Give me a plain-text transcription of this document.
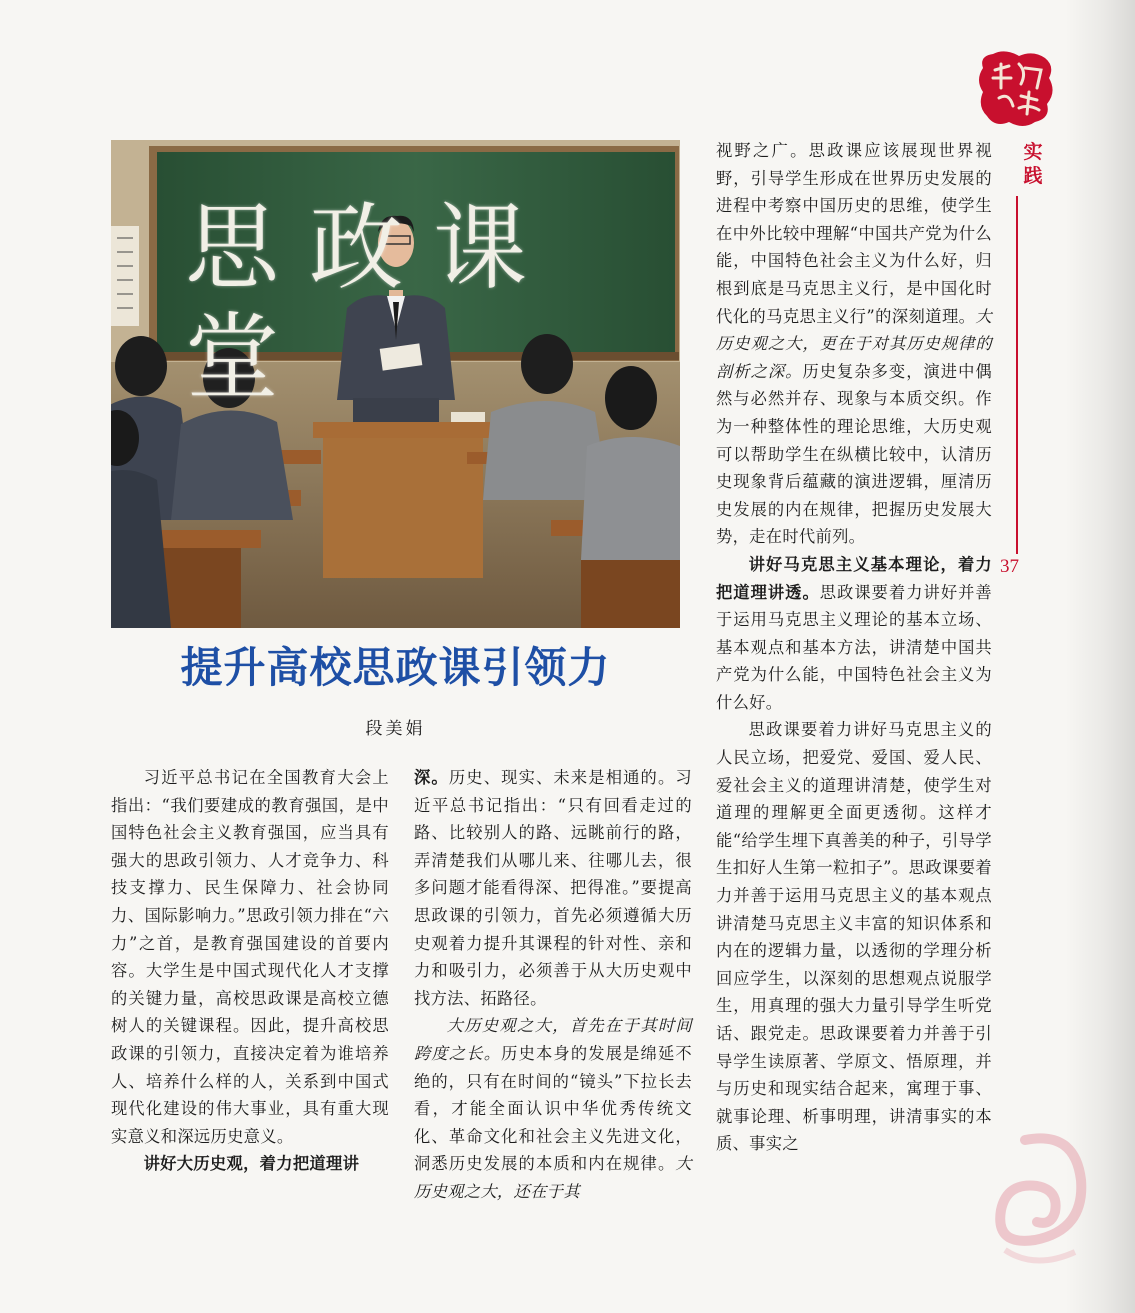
实践
37
思政课堂
提升高校思政课引领力
段美娟

习近平总书记在全国教育大会上指出：“我们要建成的教育强国，是中国特色社会主义教育强国，应当具有强大的思政引领力、人才竞争力、科技支撑力、民生保障力、社会协同力、国际影响力。”思政引领力排在“六力”之首，是教育强国建设的首要内容。大学生是中国式现代化人才支撑的关键力量，高校思政课是高校立德树人的关键课程。因此，提升高校思政课的引领力，直接决定着为谁培养人、培养什么样的人，关系到中国式现代化建设的伟大事业，具有重大现实意义和深远历史意义。

讲好大历史观，着力把道理讲

深。历史、现实、未来是相通的。习近平总书记指出：“只有回看走过的路、比较别人的路、远眺前行的路，弄清楚我们从哪儿来、往哪儿去，很多问题才能看得深、把得准。”要提高思政课的引领力，首先必须遵循大历史观着力提升其课程的针对性、亲和力和吸引力，必须善于从大历史观中找方法、拓路径。

大历史观之大，首先在于其时间跨度之长。历史本身的发展是绵延不绝的，只有在时间的“镜头”下拉长去看，才能全面认识中华优秀传统文化、革命文化和社会主义先进文化，洞悉历史发展的本质和内在规律。大历史观之大，还在于其

视野之广。思政课应该展现世界视野，引导学生形成在世界历史发展的进程中考察中国历史的思维，使学生在中外比较中理解“中国共产党为什么能，中国特色社会主义为什么好，归根到底是马克思主义行，是中国化时代化的马克思主义行”的深刻道理。大历史观之大，更在于对其历史规律的剖析之深。历史复杂多变，演进中偶然与必然并存、现象与本质交织。作为一种整体性的理论思维，大历史观可以帮助学生在纵横比较中，认清历史现象背后蕴藏的演进逻辑，厘清历史发展的内在规律，把握历史发展大势，走在时代前列。

讲好马克思主义基本理论，着力把道理讲透。思政课要着力讲好并善于运用马克思主义理论的基本立场、基本观点和基本方法，讲清楚中国共产党为什么能，中国特色社会主义为什么好。

思政课要着力讲好马克思主义的人民立场，把爱党、爱国、爱人民、爱社会主义的道理讲清楚，使学生对道理的理解更全面更透彻。这样才能“给学生埋下真善美的种子，引导学生扣好人生第一粒扣子”。思政课要着力并善于运用马克思主义的基本观点讲清楚马克思主义丰富的知识体系和内在的逻辑力量，以透彻的学理分析回应学生，以深刻的思想观点说服学生，用真理的强大力量引导学生听党话、跟党走。思政课要着力并善于引导学生读原著、学原文、悟原理，并与历史和现实结合起来，寓理于事、就事论理、析事明理，讲清事实的本质、事实之
